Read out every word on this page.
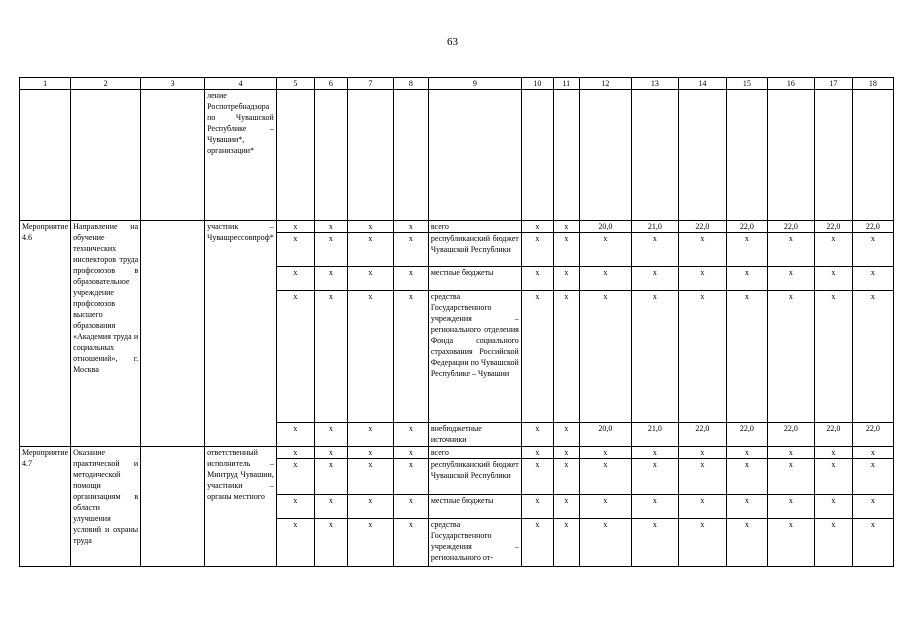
63
1	2	3	4	5	6	7	8	9	10	11	12	13	14	15	16	17	18
			ление Роспотребнадзора по Чувашской Республике – Чувашии*, организации*														
Мероприятие 4.6	Направление на обучение технических инспекторов труда профсоюзов в образовательное учреждение профсоюзов высшего образования «Академия труда и социальных отношений», г. Москва		участник – Чувашрессовпроф*	x	x	x	x	всего	x	x	20,0	21,0	22,0	22,0	22,0	22,0	22,0
				x	x	x	x	республиканский бюджет Чувашской Республики	x	x	x	x	x	x	x	x	x
				x	x	x	x	местные бюджеты	x	x	x	x	x	x	x	x	x
				x	x	x	x	средства Государственного учреждения – регионального отделения Фонда социального страхования Российской Федерации по Чувашской Республике – Чувашии	x	x	x	x	x	x	x	x	x
				x	x	x	x	внебюджетные источники	x	x	20,0	21,0	22,0	22,0	22,0	22,0	22,0
Мероприятие 4.7	Оказание практической и методической помощи организациям в области улучшения условий и охраны труда		ответственный исполнитель – Минтруд Чувашии, участники – органы местного	x	x	x	x	всего	x	x	x	x	x	x	x	x	x
				x	x	x	x	республиканский бюджет Чувашской Республики	x	x	x	x	x	x	x	x	x
				x	x	x	x	местные бюджеты	x	x	x	x	x	x	x	x	x
				x	x	x	x	средства Государственного учреждения – регионального от-	x	x	x	x	x	x	x	x	x
